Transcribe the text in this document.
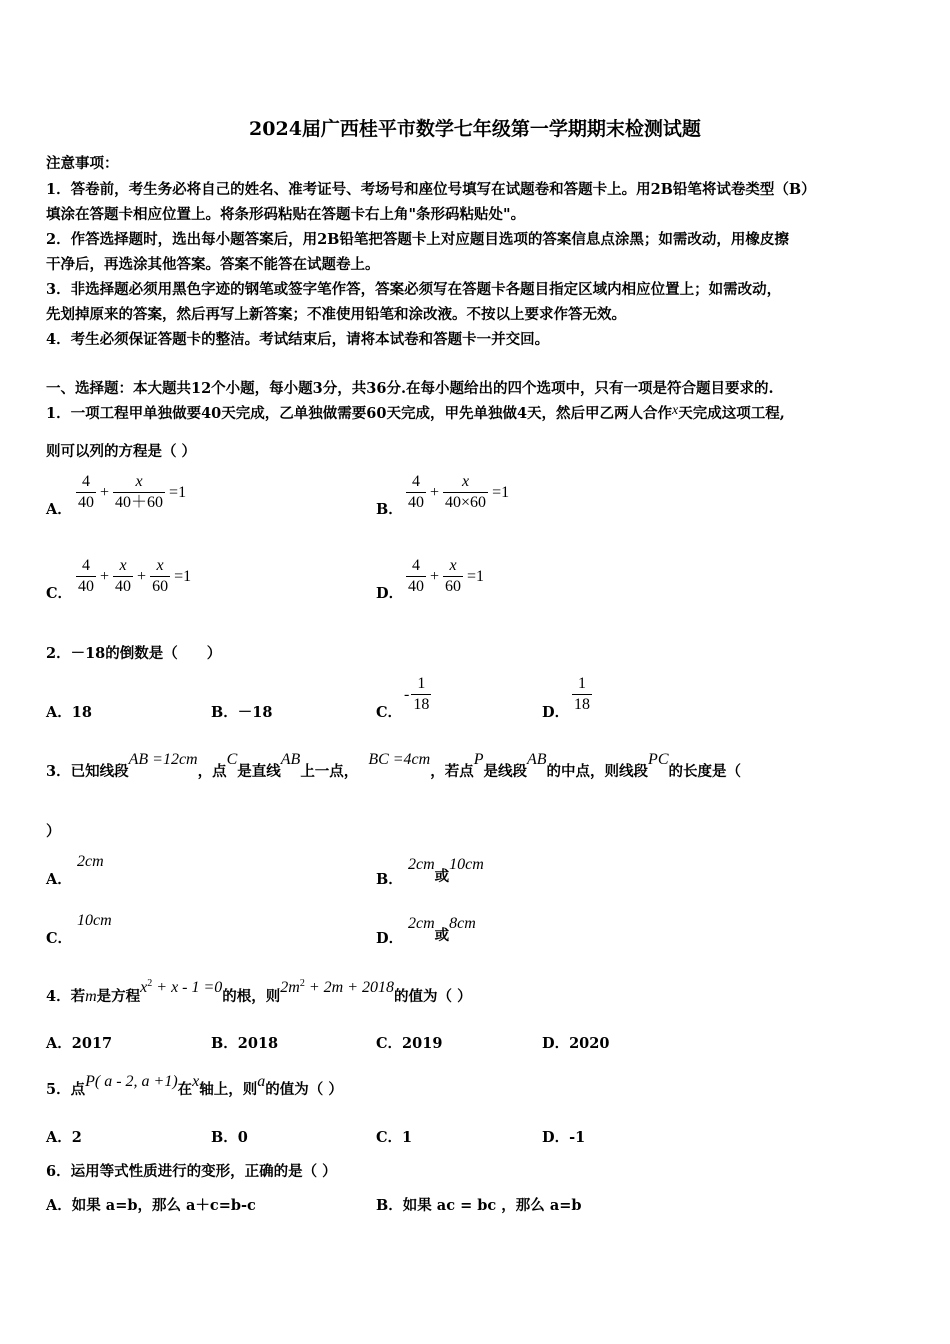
2024届广西桂平市数学七年级第一学期期末检测试题
注意事项：
1．答卷前，考生务必将自己的姓名、准考证号、考场号和座位号填写在试题卷和答题卡上。用2B铅笔将试卷类型（B）
填涂在答题卡相应位置上。将条形码粘贴在答题卡右上角"条形码粘贴处"。
2．作答选择题时，选出每小题答案后，用2B铅笔把答题卡上对应题目选项的答案信息点涂黑；如需改动，用橡皮擦
干净后，再选涂其他答案。答案不能答在试题卷上。
3．非选择题必须用黑色字迹的钢笔或签字笔作答，答案必须写在答题卡各题目指定区域内相应位置上；如需改动，
先划掉原来的答案，然后再写上新答案；不准使用铅笔和涂改液。不按以上要求作答无效。
4．考生必须保证答题卡的整洁。考试结束后，请将本试卷和答题卡一并交回。
一、选择题：本大题共12个小题，每小题3分，共36分.在每小题给出的四个选项中，只有一项是符合题目要求的.
1．一项工程甲单独做要40天完成，乙单独做需要60天完成，甲先单独做4天，然后甲乙两人合作x天完成这项工程,
则可以列的方程是（ ）
A． $\frac{4}{40} + \frac{x}{40+60} =1$
B． $\frac{4}{40} + \frac{x}{40\times 60} =1$
C． $\frac{4}{40} + \frac{x}{40} + \frac{x}{60} =1$
D． $\frac{4}{40} + \frac{x}{60} =1$
2．－18的倒数是（　　）
A．18	B．－18	C．
- $\frac{1}{18}$	D． $\frac{1}{18}$
3．已知线段AB =12cm，点C是直线AB上一点，BC =4cm，若点P是线段AB的中点，则线段PC的长度是（
）
A．
2cm
B．
2cm或10cm
C．
10cm
D．
2cm或8cm
4．若m是方程$x^2 + x - 1 =0$的根，则$2m^2 + 2m + 2018$的值为（ ）
A．2017	B．2018	C．2019	D．2020
5．点P( a - 2, a +1)在x轴上，则a的值为（ ）
A．2	B．0	C．1	D．-1
6．运用等式性质进行的变形，正确的是（ ）
A．如果 a=b，那么 a＋c=b-c	B．如果 ac = bc ，那么 a=b
